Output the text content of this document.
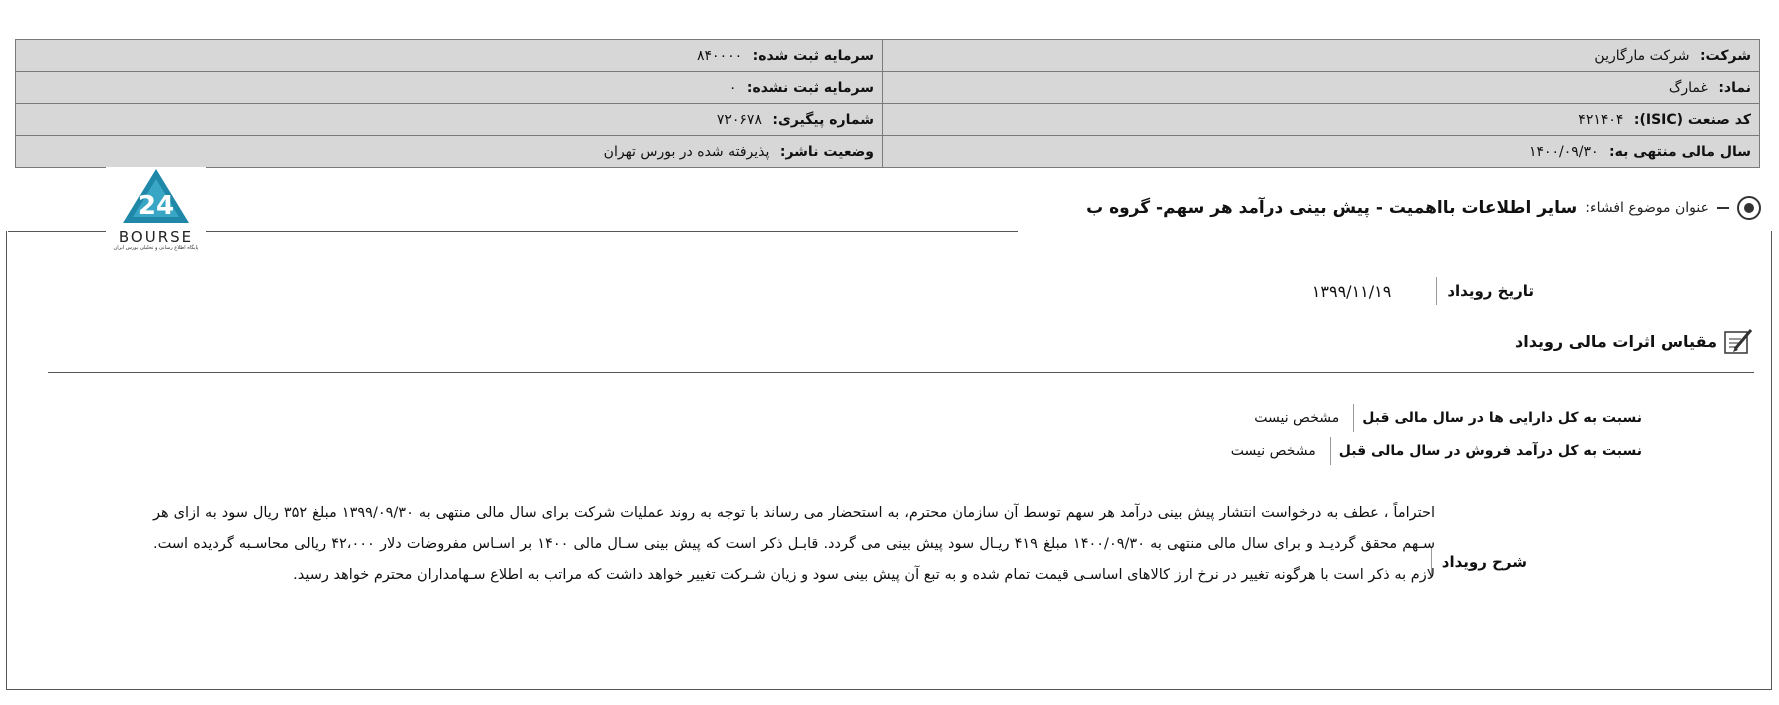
شرکت: شرکت مارگارین	سرمایه ثبت شده: ۸۴۰۰۰۰
نماد: غمارگ	سرمایه ثبت نشده: ۰
کد صنعت (ISIC): ۴۲۱۴۰۴	شماره پیگیری: ۷۲۰۶۷۸
سال مالی منتهی به: ۱۴۰۰/۰۹/۳۰	وضعیت ناشر: پذیرفته شده در بورس تهران
عنوان موضوع افشاء:
سایر اطلاعات بااهمیت - پیش بینی درآمد هر سهم- گروه ب
24
BOURSE
پایگاه اطلاع رسانی و تحلیلی بورس ایران
تاریخ رویداد
۱۳۹۹/۱۱/۱۹
مقیاس اثرات مالی رویداد
نسبت به کل دارایی ها در سال مالی قبل
مشخص نیست
نسبت به کل درآمد فروش در سال مالی قبل
مشخص نیست
شرح رویداد
احتراماً ، عطف به درخواست انتشار پیش بینی درآمد هر سهم توسط آن سازمان محترم، به استحضار می رساند با توجه به روند عملیات شرکت برای سال مالی منتهی به ۱۳۹۹/۰۹/۳۰ مبلغ ۳۵۲ ریال سود به ازای هر سـهم محقق گردیـد و برای سال مالی منتهی به ۱۴۰۰/۰۹/۳۰ مبلغ ۴۱۹ ریـال سود پیش بینی می گردد. قابـل ذکر است که پیش بینی سـال مالی ۱۴۰۰ بر اسـاس مفروضات دلار ۴۲،۰۰۰ ریالی محاسـبه گردیده است. لازم به ذکر است با هرگونه تغییر در نرخ ارز کالاهای اساسـی قیمت تمام شده و به تبع آن پیش بینی سود و زیان شـرکت تغییر خواهد داشت که مراتب به اطلاع سـهامداران محترم خواهد رسید.
